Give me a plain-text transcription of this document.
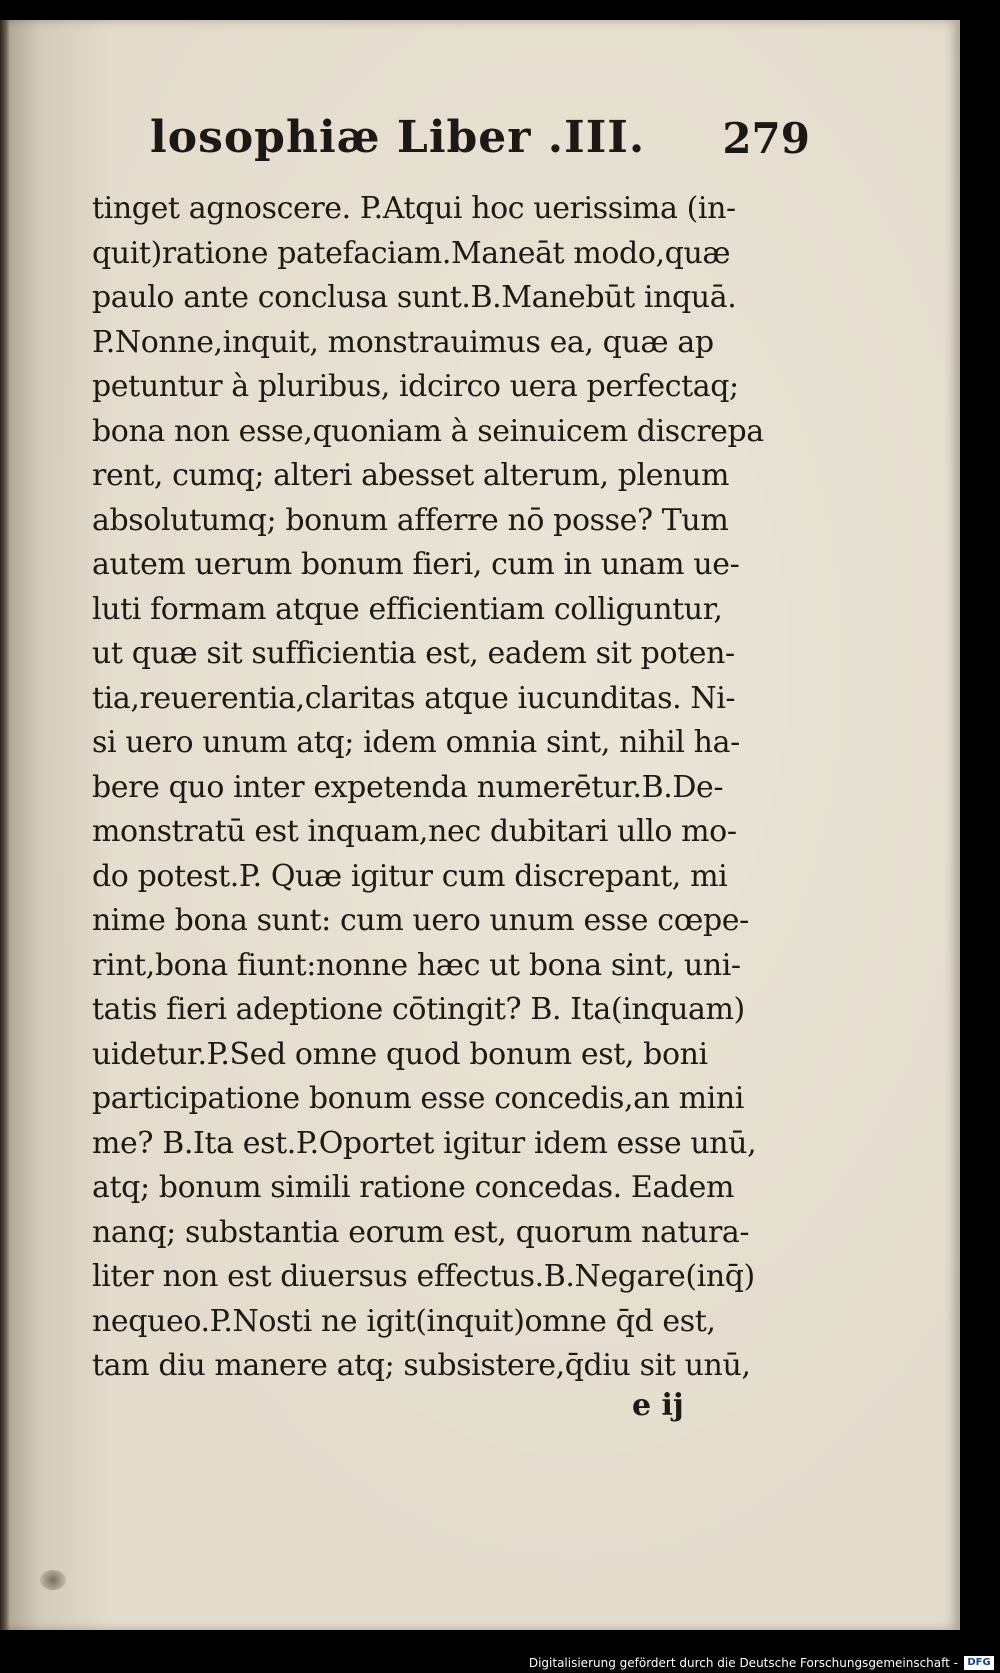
losophiæ Liber .III. 279
tinget agnoscere. P.Atqui hoc uerissima (in-
quit)ratione patefaciam.Maneāt modo,quæ
paulo ante conclusa sunt.B.Manebūt inquā.
P.Nonne,inquit, monstrauimus ea, quæ ap
petuntur à pluribus, idcirco uera perfectaq;
bona non esse,quoniam à seinuicem discrepa
rent, cumq; alteri abesset alterum, plenum
absolutumq; bonum afferre nō posse? Tum
autem uerum bonum fieri, cum in unam ue-
luti formam atque efficientiam colliguntur,
ut quæ sit sufficientia est, eadem sit poten-
tia,reuerentia,claritas atque iucunditas. Ni-
si uero unum atq; idem omnia sint, nihil ha-
bere quo inter expetenda numerētur.B.De-
monstratū est inquam,nec dubitari ullo mo-
do potest.P. Quæ igitur cum discrepant, mi
nime bona sunt: cum uero unum esse cœpe-
rint,bona fiunt:nonne hæc ut bona sint, uni-
tatis fieri adeptione cōtingit? B. Ita(inquam)
uidetur.P.Sed omne quod bonum est, boni
participatione bonum esse concedis,an mini
me? B.Ita est.P.Oportet igitur idem esse unū,
atq; bonum simili ratione concedas. Eadem
nanq; substantia eorum est, quorum natura-
liter non est diuersus effectus.B.Negare(inq̄)
nequeo.P.Nosti ne igit(inquit)omne q̄d est,
tam diu manere atq; subsistere,q̄diu sit unū,
e ij
Digitalisierung gefördert durch die Deutsche Forschungsgemeinschaft - DFG
